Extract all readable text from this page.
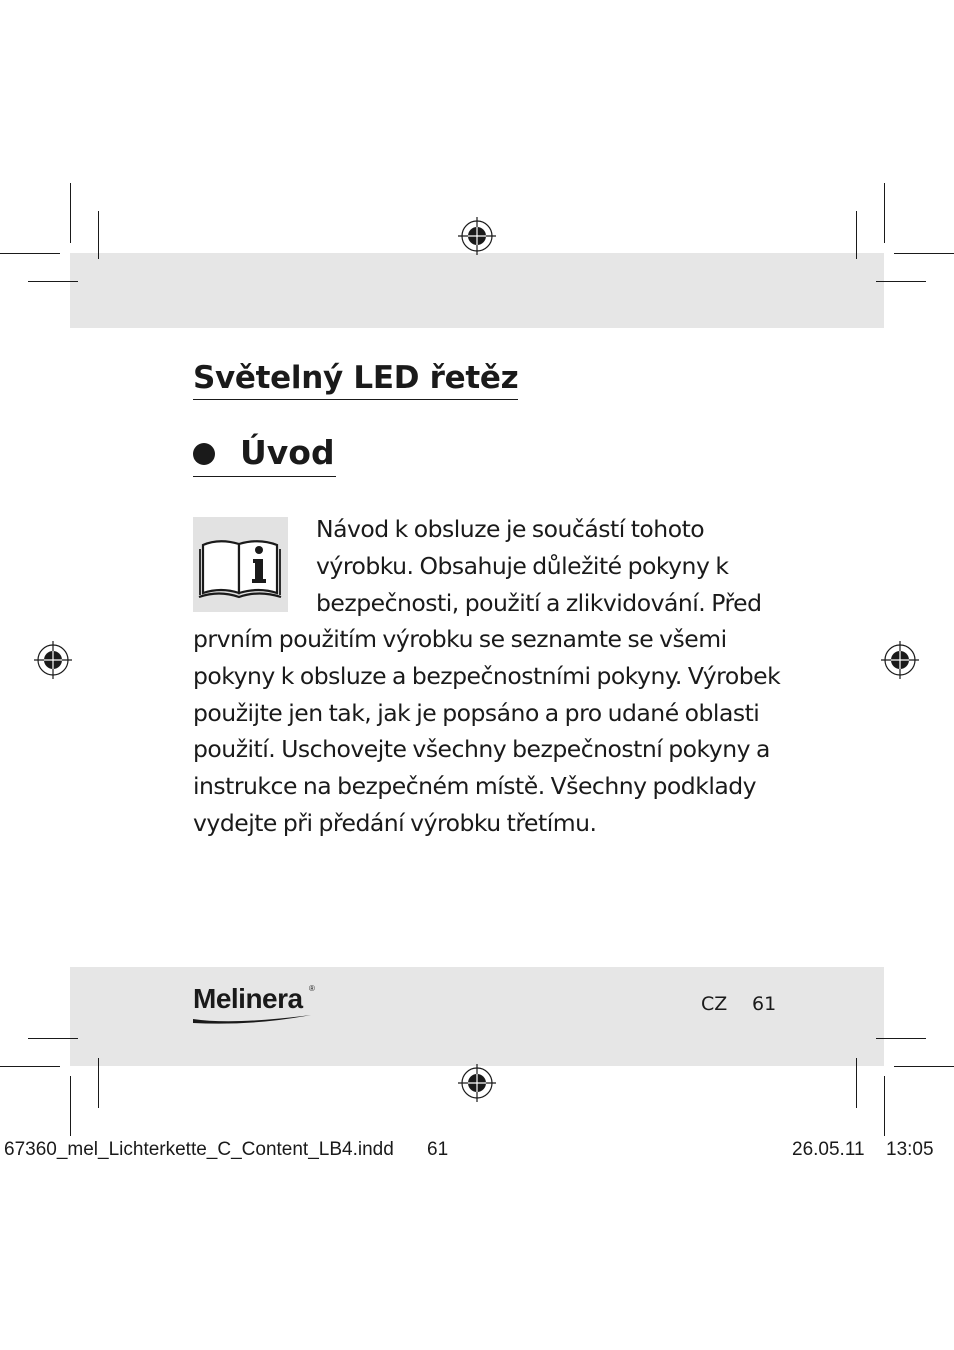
Světelný LED řetěz
Úvod
Návod k obsluze je součástí tohoto
výrobku. Obsahuje důležité pokyny k
bezpečnosti, použití a zlikvidování. Před
prvním použitím výrobku se seznamte se všemi
pokyny k obsluze a bezpečnostními pokyny. Výrobek
použijte jen tak, jak je popsáno a pro udané oblasti
použití. Uschovejte všechny bezpečnostní pokyny a
instrukce na bezpečném místě. Všechny podklady
vydejte při předání výrobku třetímu.
Melinera ®
CZ 61
67360_mel_Lichterkette_C_Content_LB4.indd 61	26.05.11 13:05
